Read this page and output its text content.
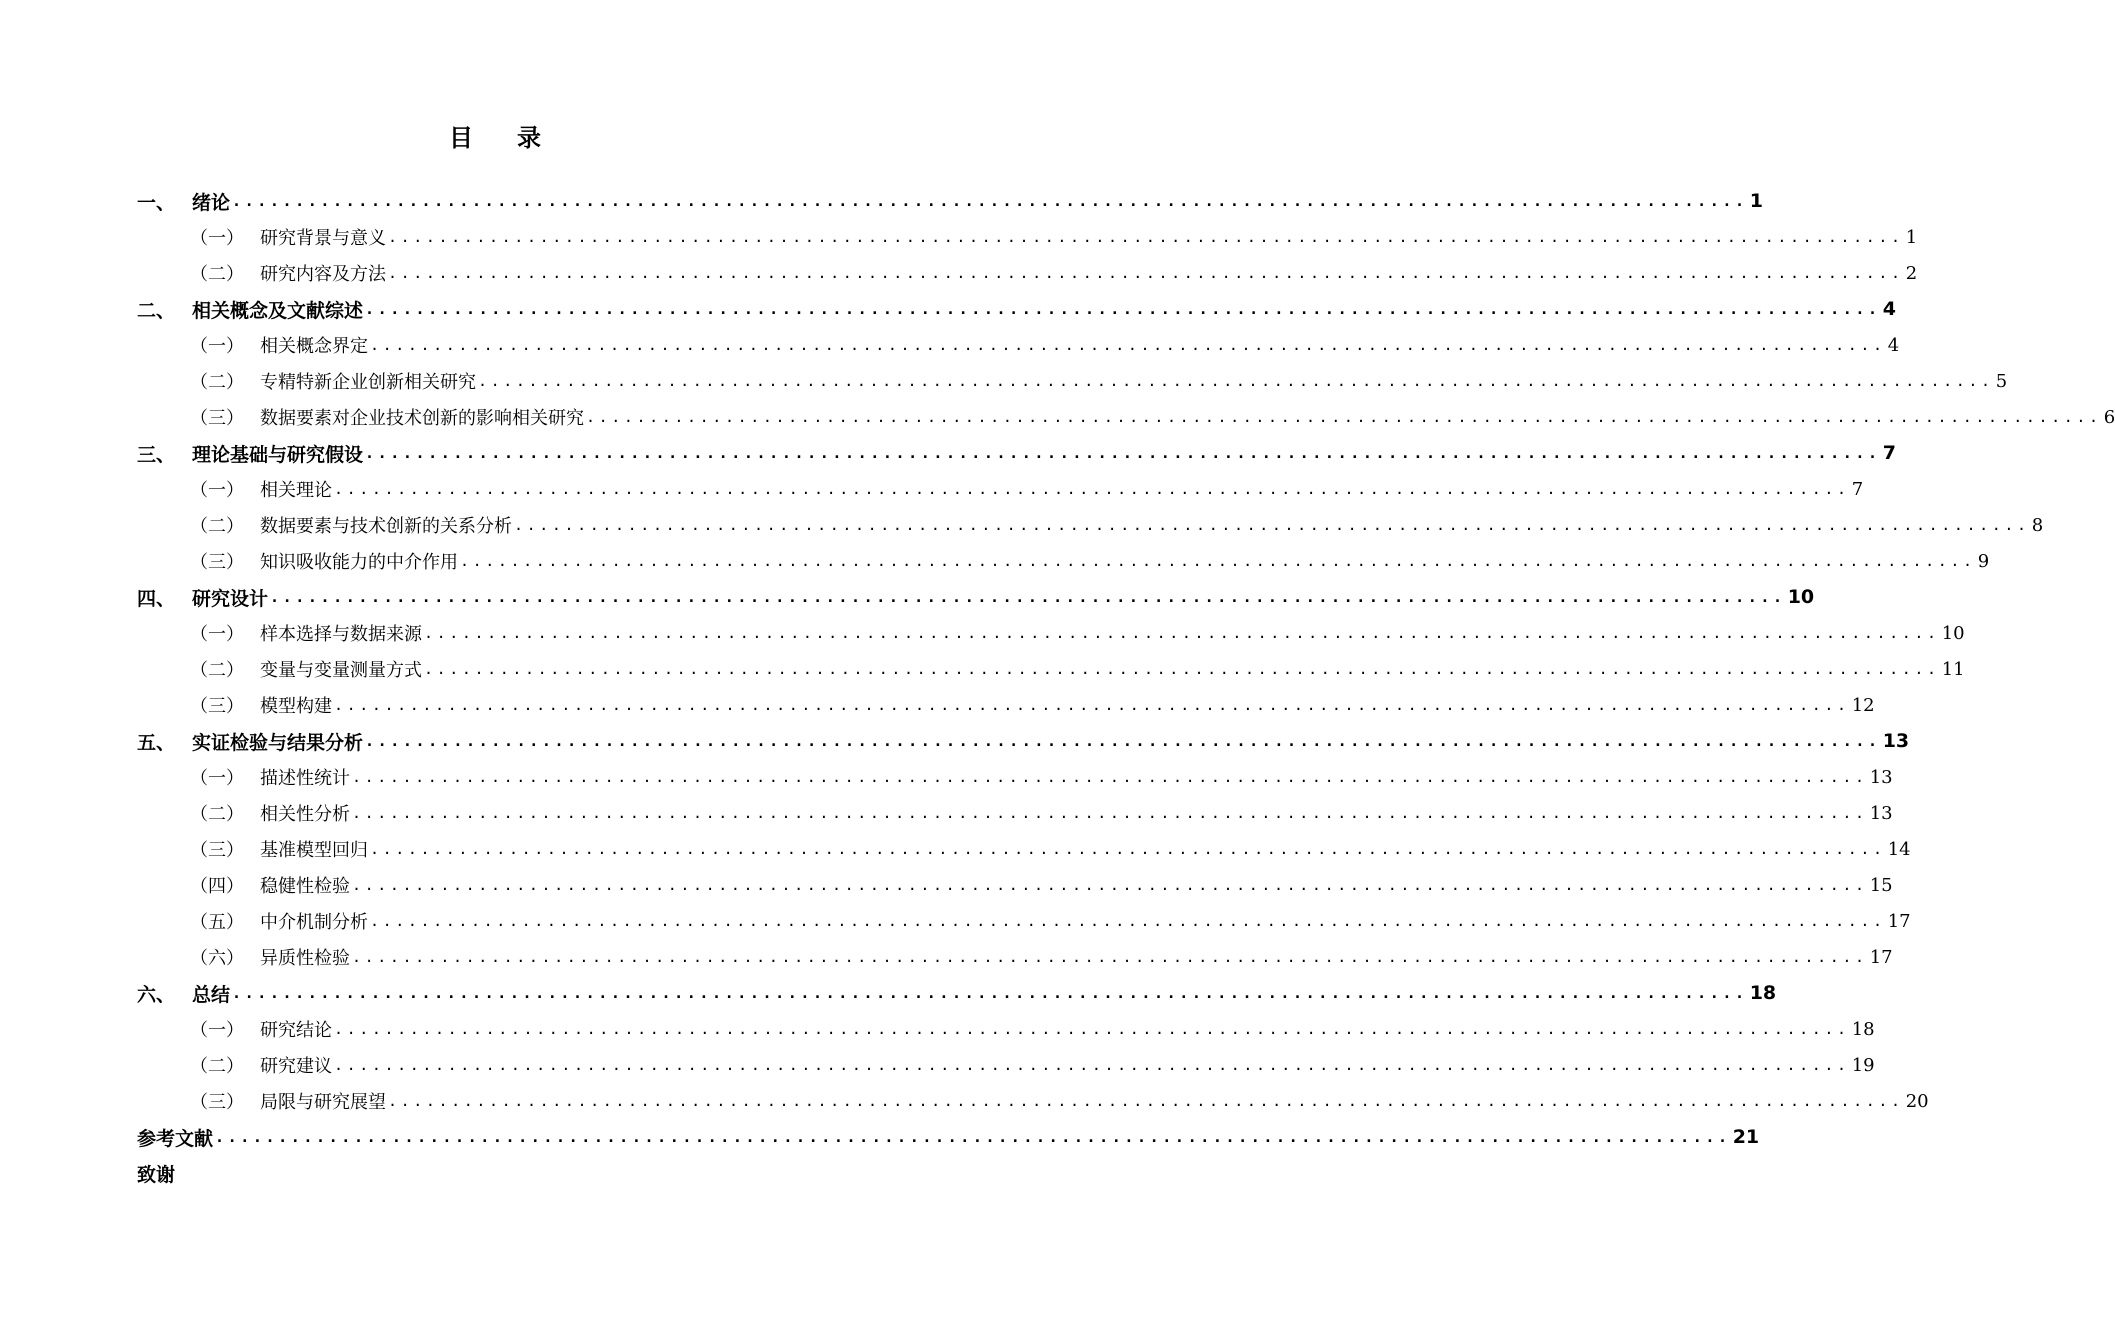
目 录
一、 绪论 ........................................................................................................................ 1
（一） 研究背景与意义 ........................................................................................................................ 1
（二） 研究内容及方法 ........................................................................................................................ 2
二、 相关概念及文献综述 ........................................................................................................................ 4
（一） 相关概念界定 ........................................................................................................................ 4
（二） 专精特新企业创新相关研究 ........................................................................................................................ 5
（三） 数据要素对企业技术创新的影响相关研究 ........................................................................................................................ 6
三、 理论基础与研究假设 ........................................................................................................................ 7
（一） 相关理论 ........................................................................................................................ 7
（二） 数据要素与技术创新的关系分析 ........................................................................................................................ 8
（三） 知识吸收能力的中介作用 ........................................................................................................................ 9
四、 研究设计 ........................................................................................................................ 10
（一） 样本选择与数据来源 ........................................................................................................................ 10
（二） 变量与变量测量方式 ........................................................................................................................ 11
（三） 模型构建 ........................................................................................................................ 12
五、 实证检验与结果分析 ........................................................................................................................ 13
（一） 描述性统计 ........................................................................................................................ 13
（二） 相关性分析 ........................................................................................................................ 13
（三） 基准模型回归 ........................................................................................................................ 14
（四） 稳健性检验 ........................................................................................................................ 15
（五） 中介机制分析 ........................................................................................................................ 17
（六） 异质性检验 ........................................................................................................................ 17
六、 总结 ........................................................................................................................ 18
（一） 研究结论 ........................................................................................................................ 18
（二） 研究建议 ........................................................................................................................ 19
（三） 局限与研究展望 ........................................................................................................................ 20
参考文献 ........................................................................................................................ 21
致谢
